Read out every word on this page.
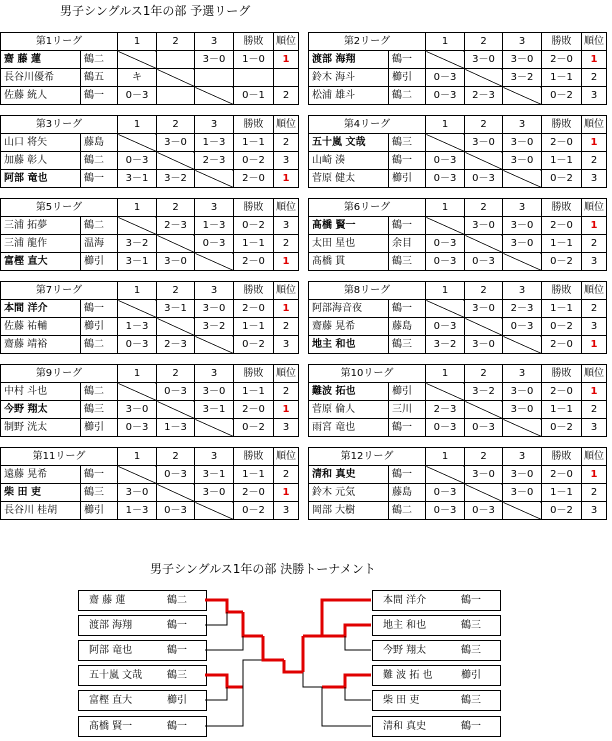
男子シングルス1年の部 予選リーグ
第1リーグ		1	2	3	勝敗	順位
齋 藤 蓮	鶴二			3－0	1－0	1
長谷川優希	鶴五	キ				
佐藤 統人	鶴一	0－3			0－1	2
第2リーグ		1	2	3	勝敗	順位
渡部 海翔	鶴一		3－0	3－0	2－0	1
鈴木 海斗	櫛引	0－3		3－2	1－1	2
松浦 雄斗	鶴二	0－3	2－3		0－2	3
第3リーグ		1	2	3	勝敗	順位
山口 将矢	藤島		3－0	1－3	1－1	2
加藤 彰人	鶴二	0－3		2－3	0－2	3
阿部 竜也	鶴一	3－1	3－2		2－0	1
第4リーグ		1	2	3	勝敗	順位
五十嵐 文哉	鶴三		3－0	3－0	2－0	1
山崎 湊	鶴一	0－3		3－0	1－1	2
菅原 健太	櫛引	0－3	0－3		0－2	3
第5リーグ		1	2	3	勝敗	順位
三浦 拓夢	鶴二		2－3	1－3	0－2	3
三浦 龍作	温海	3－2		0－3	1－1	2
富樫 直大	櫛引	3－1	3－0		2－0	1
第6リーグ		1	2	3	勝敗	順位
髙橋 賢一	鶴一		3－0	3－0	2－0	1
太田 星也	余目	0－3		3－0	1－1	2
髙橋 貫	鶴三	0－3	0－3		0－2	3
第7リーグ		1	2	3	勝敗	順位
本間 洋介	鶴一		3－1	3－0	2－0	1
佐藤 祐輔	櫛引	1－3		3－2	1－1	2
齋藤 靖裕	鶴二	0－3	2－3		0－2	3
第8リーグ		1	2	3	勝敗	順位
阿部海音夜	鶴一		3－0	2－3	1－1	2
齋藤 晃希	藤島	0－3		0－3	0－2	3
地主 和也	鶴三	3－2	3－0		2－0	1
第9リーグ		1	2	3	勝敗	順位
中村 斗也	鶴二		0－3	3－0	1－1	2
今野 翔太	鶴三	3－0		3－1	2－0	1
制野 洸太	櫛引	0－3	1－3		0－2	3
第10リーグ		1	2	3	勝敗	順位
難波 拓也	櫛引		3－2	3－0	2－0	1
菅原 倫人	三川	2－3		3－0	1－1	2
雨宮 竜也	鶴一	0－3	0－3		0－2	3
第11リーグ		1	2	3	勝敗	順位
遠藤 晃希	鶴一		0－3	3－1	1－1	2
柴 田 吏	鶴三	3－0		3－0	2－0	1
長谷川 桂胡	櫛引	1－3	0－3		0－2	3
第12リーグ		1	2	3	勝敗	順位
清和 真史	鶴一		3－0	3－0	2－0	1
鈴木 元気	藤島	0－3		3－0	1－1	2
岡部 大樹	鶴二	0－3	0－3		0－2	3
男子シングルス1年の部 決勝トーナメント
齋 藤 蓮	鶴二
渡部 海翔	鶴一
阿部 竜也	鶴一
五十嵐 文哉 鶴三
富樫 直大	櫛引
髙橋 賢一	鶴一
本間 洋介	鶴一
地主 和也	鶴三
今野 翔太	鶴三
難 波 拓 也	櫛引
柴 田 吏	鶴三
清和 真史	鶴一
